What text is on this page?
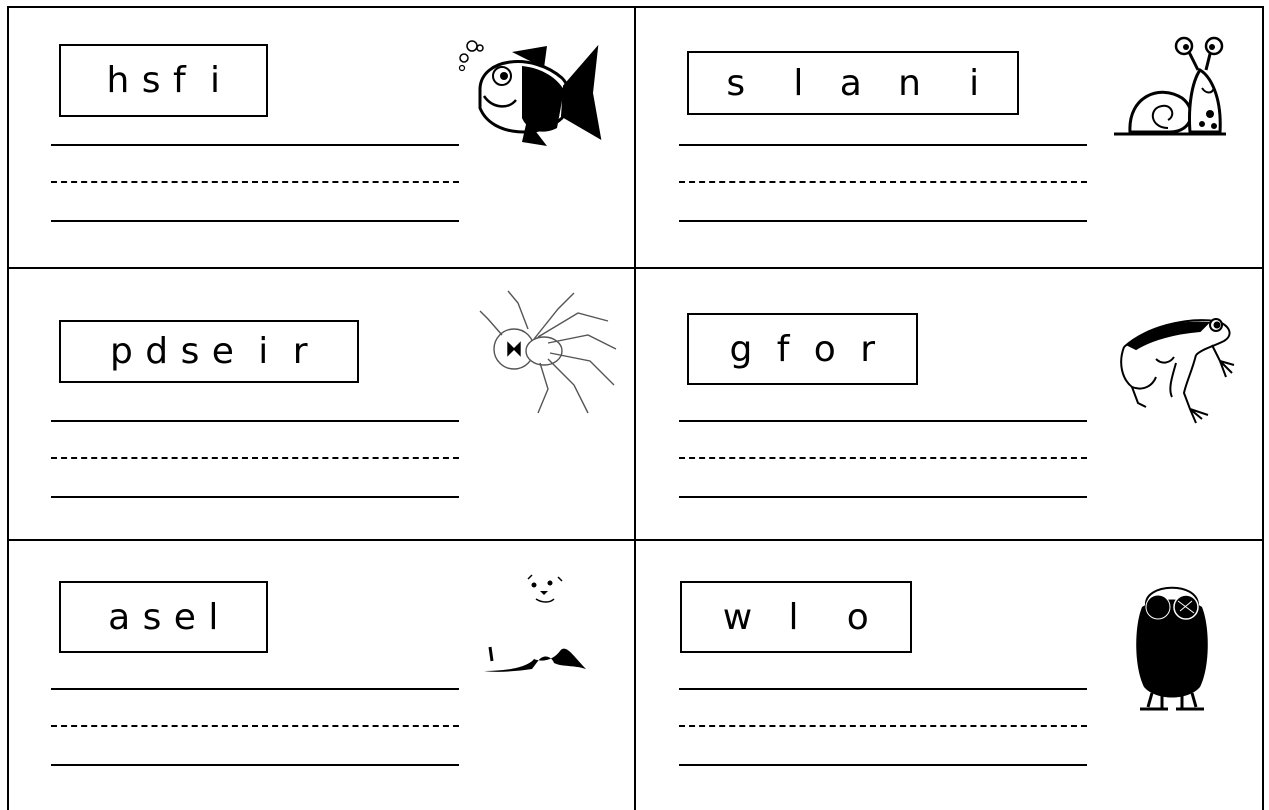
h s f  i	s    l   a   n    i
p d s e  i  r	g  f  o  r
a s e l	w   l    o
